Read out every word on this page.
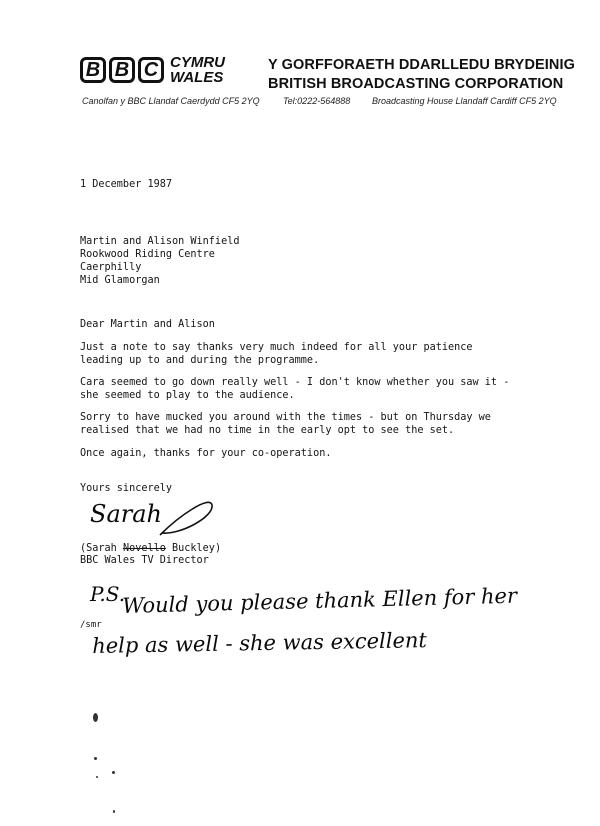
B B C CYMRU
WALES
Y GORFFORAETH DDARLLEDU BRYDEINIG
BRITISH BROADCASTING CORPORATION
Canolfan y BBC Llandaf Caerdydd CF5 2YQ	Tel:0222-564888 Broadcasting House Llandaff Cardiff CF5 2YQ
1 December 1987
Martin and Alison Winfield
Rookwood Riding Centre
Caerphilly
Mid Glamorgan
Dear Martin and Alison
Just a note to say thanks very much indeed for all your patience leading up to and during the programme.
Cara seemed to go down really well - I don't know whether you saw it - she seemed to play to the audience.
Sorry to have mucked you around with the times - but on Thursday we realised that we had no time in the early opt to see the set.
Once again, thanks for your co-operation.
Yours sincerely
Sarah
(Sarah Novello Buckley)
BBC Wales TV Director
/smr
P.S.
Would you please thank Ellen for her
help as well - she was excellent
